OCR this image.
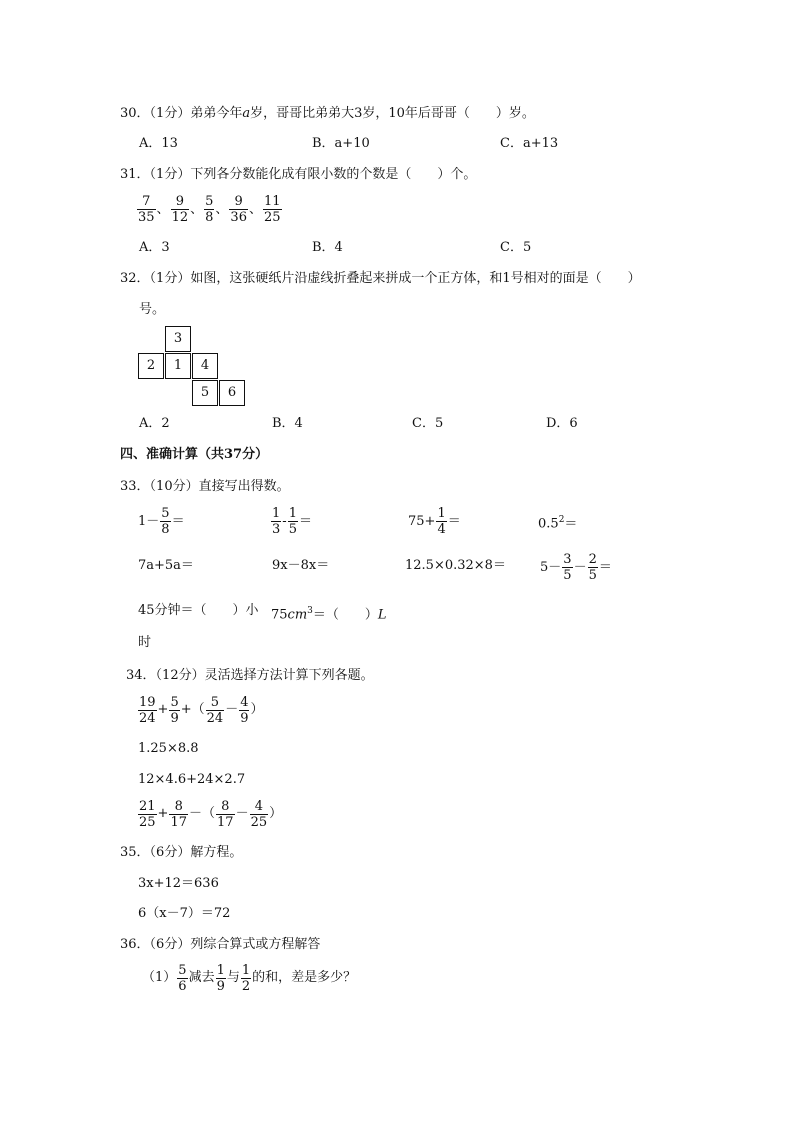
30．（1分）弟弟今年a岁，哥哥比弟弟大3岁，10年后哥哥（　　）岁。
A．13	B．a+10	C．a+13
31．（1分）下列各分数能化成有限小数的个数是（　　）个。
$\frac{7}{35}$ 、 $\frac{9}{12}$ 、 $\frac{5}{8}$ 、 $\frac{9}{36}$ 、 $\frac{11}{25}$
A．3	B．4	C．5
32．（1分）如图，这张硬纸片沿虚线折叠起来拼成一个正方体，和1号相对的面是（　　）
号。
3
2	1	4
5	6
A．2	B．4	C．5	D．6
四、准确计算（共37分）
33．（10分）直接写出得数。
$1- \frac{5}{8}$ ＝	$\frac{1}{3} - \frac{1}{5}$ ＝	$75+ \frac{1}{4}$ ＝	$0.5^2=$
7a+5a＝	9x－8x＝	12.5×0.32×8＝	$5- \frac{3}{5} - \frac{2}{5}$ ＝
45分钟＝（　　）小
时
$75cm^3=$（　　）L
34．（12分）灵活选择方法计算下列各题。
$\frac{19}{24} + \frac{5}{9}$ +（ $\frac{5}{24} - \frac{4}{9}$ ）
1.25×8.8
12×4.6+24×2.7
$\frac{21}{25} + \frac{8}{17}$ －（ $\frac{8}{17} - \frac{4}{25}$ ）
35．（6分）解方程。
3x+12＝636
6（x－7）＝72
36．（6分）列综合算式或方程解答
$(1) \frac{5}{6}$ 减去 $\frac{1}{9}$ 与 $\frac{1}{2}$ 的和，差是多少？
